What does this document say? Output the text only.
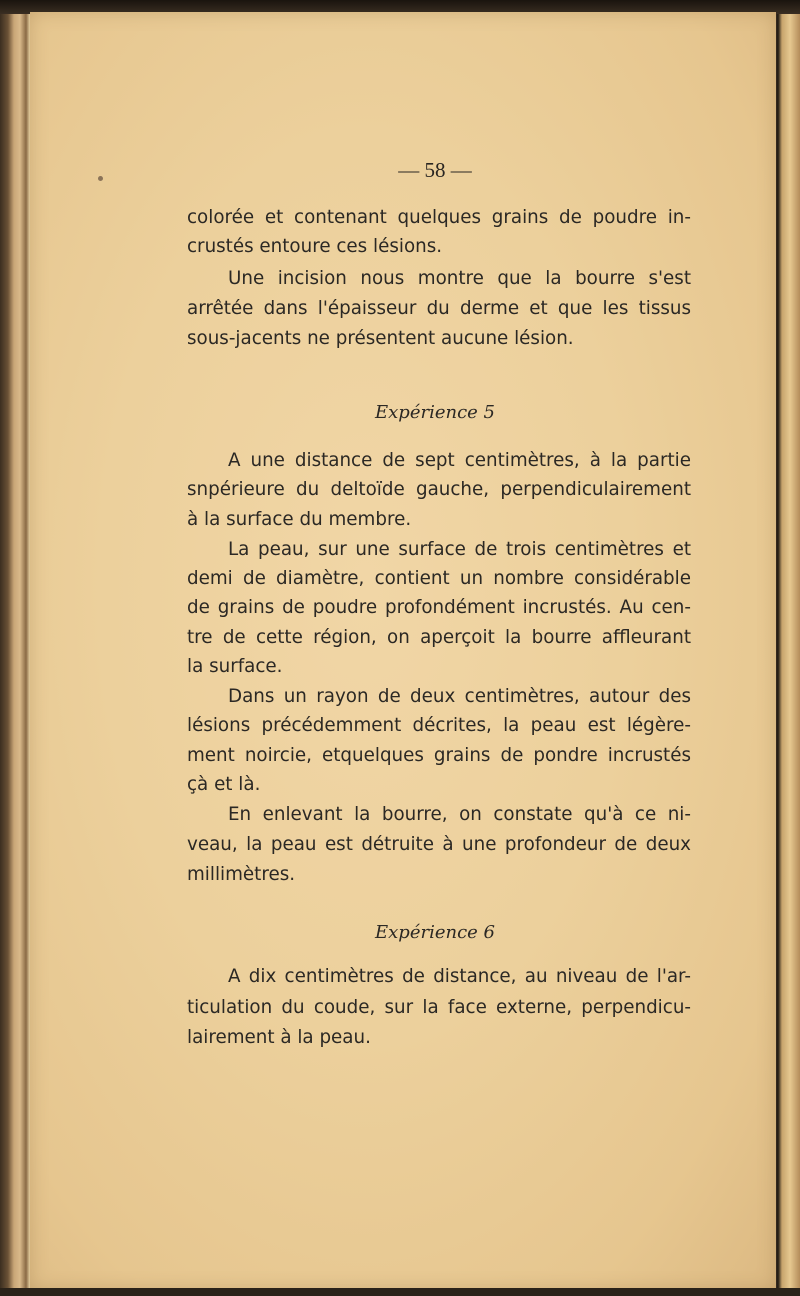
— 58 —

colorée et contenant quelques grains de poudre in-

crustés entoure ces lésions.

Une incision nous montre que la bourre s'est

arrêtée dans l'épaisseur du derme et que les tissus

sous-jacents ne présentent aucune lésion.

Expérience 5

A une distance de sept centimètres, à la partie

snpérieure du deltoïde gauche, perpendiculairement

à la surface du membre.

La peau, sur une surface de trois centimètres et

demi de diamètre, contient un nombre considérable

de grains de poudre profondément incrustés. Au cen-

tre de cette région, on aperçoit la bourre affleurant

la surface.

Dans un rayon de deux centimètres, autour des

lésions précédemment décrites, la peau est légère-

ment noircie, etquelques grains de pondre incrustés

çà et là.

En enlevant la bourre, on constate qu'à ce ni-

veau, la peau est détruite à une profondeur de deux

millimètres.

Expérience 6

A dix centimètres de distance, au niveau de l'ar-

ticulation du coude, sur la face externe, perpendicu-

lairement à la peau.
